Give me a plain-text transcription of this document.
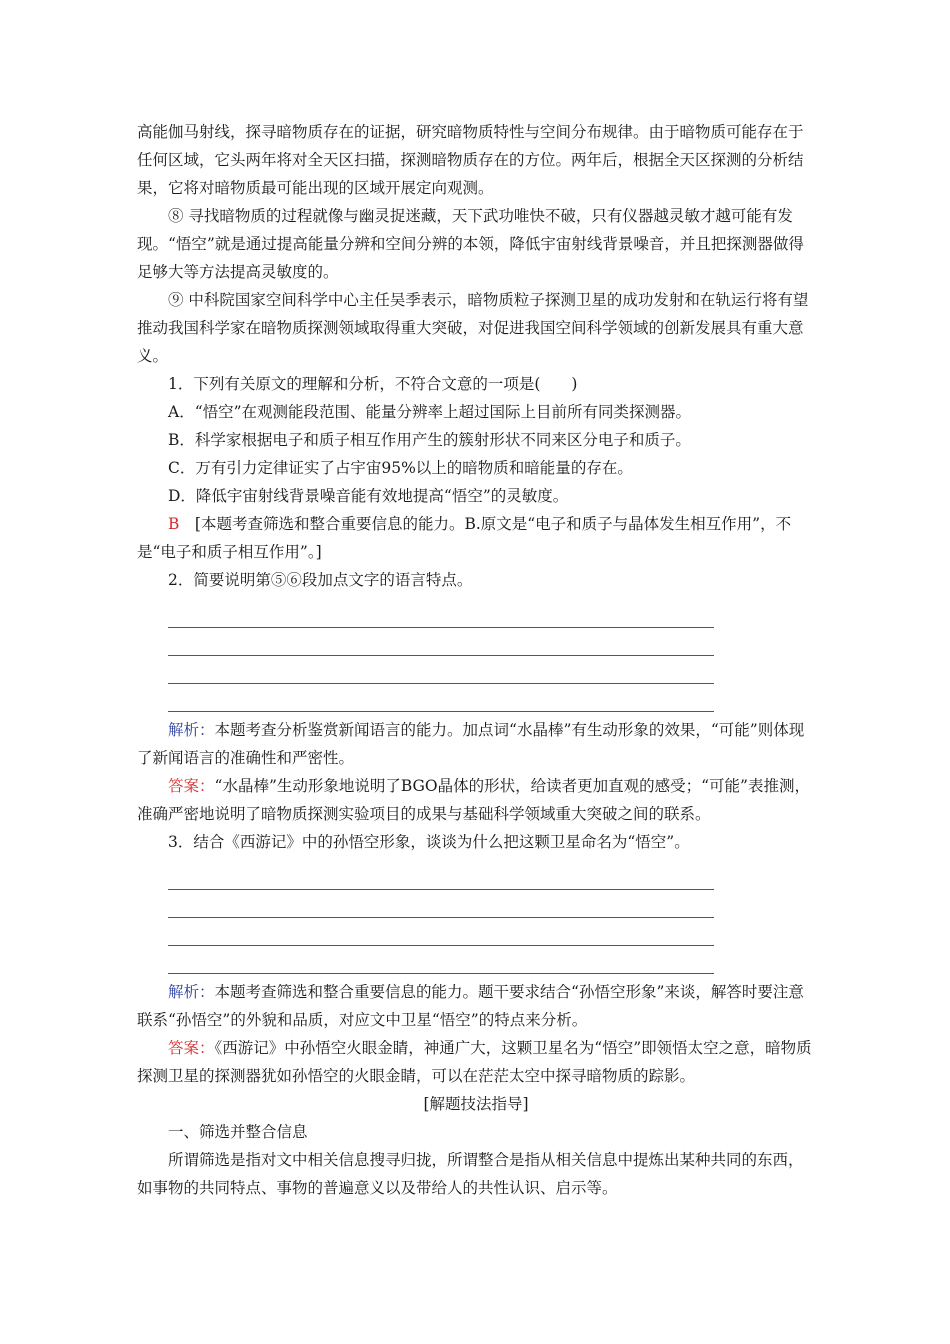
高能伽马射线，探寻暗物质存在的证据，研究暗物质特性与空间分布规律。由于暗物质可能存在于任何区域，它头两年将对全天区扫描，探测暗物质存在的方位。两年后，根据全天区探测的分析结果，它将对暗物质最可能出现的区域开展定向观测。

⑧ 寻找暗物质的过程就像与幽灵捉迷藏，天下武功唯快不破，只有仪器越灵敏才越可能有发现。“悟空”就是通过提高能量分辨和空间分辨的本领，降低宇宙射线背景噪音，并且把探测器做得足够大等方法提高灵敏度的。

⑨ 中科院国家空间科学中心主任吴季表示，暗物质粒子探测卫星的成功发射和在轨运行将有望推动我国科学家在暗物质探测领域取得重大突破，对促进我国空间科学领域的创新发展具有重大意义。

1．下列有关原文的理解和分析，不符合文意的一项是(　　)

A．“悟空”在观测能段范围、能量分辨率上超过国际上目前所有同类探测器。

B．科学家根据电子和质子相互作用产生的簇射形状不同来区分电子和质子。

C．万有引力定律证实了占宇宙95%以上的暗物质和暗能量的存在。

D．降低宇宙射线背景噪音能有效地提高“悟空”的灵敏度。

B　[本题考查筛选和整合重要信息的能力。B.原文是“电子和质子与晶体发生相互作用”，不是“电子和质子相互作用”。]

2．简要说明第⑤⑥段加点文字的语言特点。

解析：本题考查分析鉴赏新闻语言的能力。加点词“水晶棒”有生动形象的效果，“可能”则体现了新闻语言的准确性和严密性。

答案：“水晶棒”生动形象地说明了BGO晶体的形状，给读者更加直观的感受；“可能”表推测，准确严密地说明了暗物质探测实验项目的成果与基础科学领域重大突破之间的联系。

3．结合《西游记》中的孙悟空形象，谈谈为什么把这颗卫星命名为“悟空”。

解析：本题考查筛选和整合重要信息的能力。题干要求结合“孙悟空形象”来谈，解答时要注意联系“孙悟空”的外貌和品质，对应文中卫星“悟空”的特点来分析。

答案：《西游记》中孙悟空火眼金睛，神通广大，这颗卫星名为“悟空”即领悟太空之意，暗物质探测卫星的探测器犹如孙悟空的火眼金睛，可以在茫茫太空中探寻暗物质的踪影。

[解题技法指导]

一、筛选并整合信息

所谓筛选是指对文中相关信息搜寻归拢，所谓整合是指从相关信息中提炼出某种共同的东西，如事物的共同特点、事物的普遍意义以及带给人的共性认识、启示等。
